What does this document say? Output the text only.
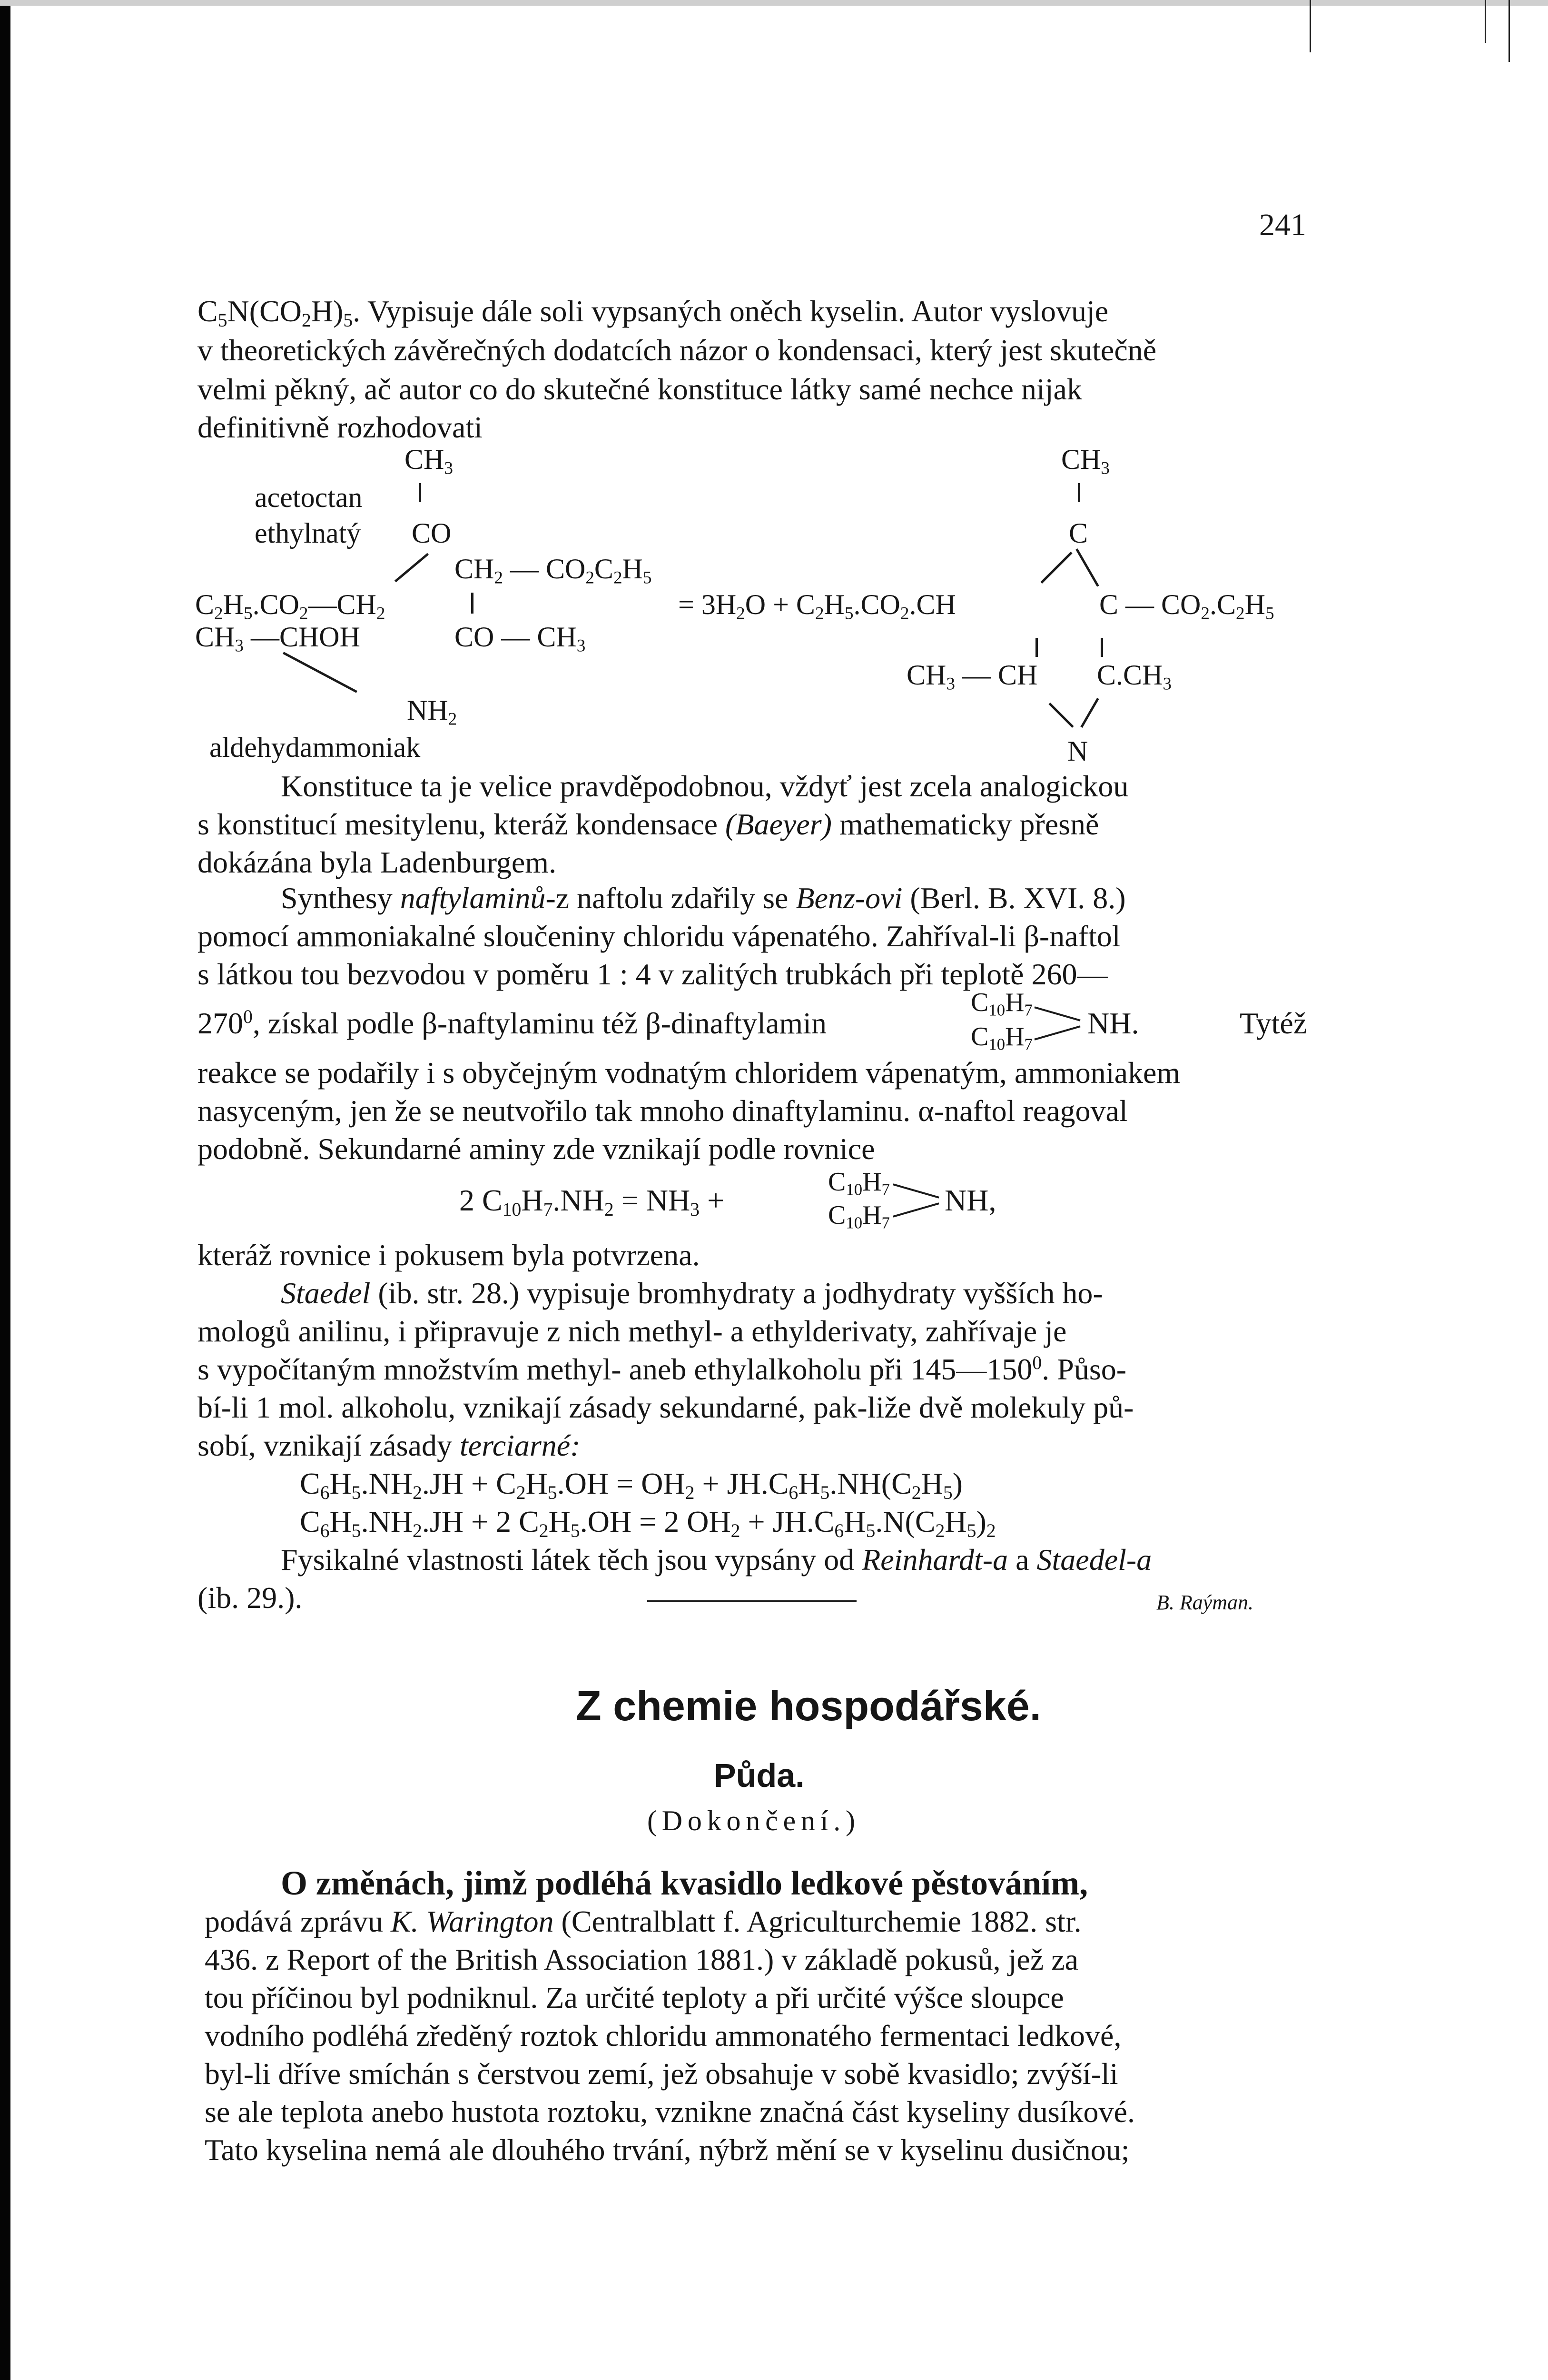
241
$C_5N(CO_2H)_5$. Vypisuje dále soli vypsaných oněch kyselin. Autor vyslovuje
v theoretických závěrečných dodatcích názor o kondensaci, který jest skutečně
velmi pěkný, ač autor co do skutečné konstituce látky samé nechce nijak
definitivně rozhodovati
$CH_3$	$CH_3$
acetoctan
ethylnatý CO	C
$CH_2$ — $CO_2C_2H_5$
$C_2H_5.CO_2—CH_2$	= $3H_2O + C_2H_5.CO_2.CH$	C — $CO_2.C_2H_5$
$CH_3$ —CHOH	CO — $CH_3$
$CH_3$ — CH $C.CH_3$
$NH_2$
aldehydammoniak	N
Konstituce ta je velice pravděpodobnou, vždyť jest zcela analogickou
s konstitucí mesitylenu, kteráž kondensace (Baeyer) mathematicky přesně
dokázána byla Ladenburgem.
Synthesy naftylaminů-z naftolu zdařily se Benz-ovi (Berl. B. XVI. 8.)
pomocí ammoniakalné sloučeniny chloridu vápenatého. Zahříval-li β-naftol
s látkou tou bezvodou v poměru 1 : 4 v zalitých trubkách při teplotě 260—
$270^0$, získal podle β-naftylaminu též β-dinaftylamin
$C_{10}H_7$
$C_{10}H_7$
NH.	Tytéž
reakce se podařily i s obyčejným vodnatým chloridem vápenatým, ammoniakem
nasyceným, jen že se neutvořilo tak mnoho dinaftylaminu. α-naftol reagoval
podobně. Sekundarné aminy zde vznikají podle rovnice
2 $C_{10}H_7.NH_2 = NH_3$ +
$C_{10}H_7$
$C_{10}H_7$
NH,
kteráž rovnice i pokusem byla potvrzena.
Staedel (ib. str. 28.) vypisuje bromhydraty a jodhydraty vyšších ho-
mologů anilinu, i připravuje z nich methyl- a ethylderivaty, zahřívaje je
s vypočítaným množstvím methyl- aneb ethylalkoholu při $145—150^0$. Půso-
bí-li 1 mol. alkoholu, vznikají zásady sekundarné, pak-liže dvě molekuly pů-
sobí, vznikají zásady terciarné:
$C_6H_5.NH_2.JH + C_2H_5.OH = OH_2 + JH.C_6H_5.NH(C_2H_5)$
$C_6H_5.NH_2.JH + 2$ $C_2H_5.OH = 2$ $OH_2 + JH.C_6H_5.N(C_2H_5)_2$
Fysikalné vlastnosti látek těch jsou vypsány od Reinhardt-a a Staedel-a
(ib. 29.).	B. Raýman.
Z chemie hospodářské.
Půda.
(Dokončení.)
O změnách, jimž podléhá kvasidlo ledkové pěstováním,
podává zprávu K. Warington (Centralblatt f. Agriculturchemie 1882. str.
436. z Report of the British Association 1881.) v základě pokusů, jež za
tou příčinou byl podniknul. Za určité teploty a při určité výšce sloupce
vodního podléhá zředěný roztok chloridu ammonatého fermentaci ledkové,
byl-li dříve smíchán s čerstvou zemí, jež obsahuje v sobě kvasidlo; zvýší-li
se ale teplota anebo hustota roztoku, vznikne značná část kyseliny dusíkové.
Tato kyselina nemá ale dlouhého trvání, nýbrž mění se v kyselinu dusičnou;
